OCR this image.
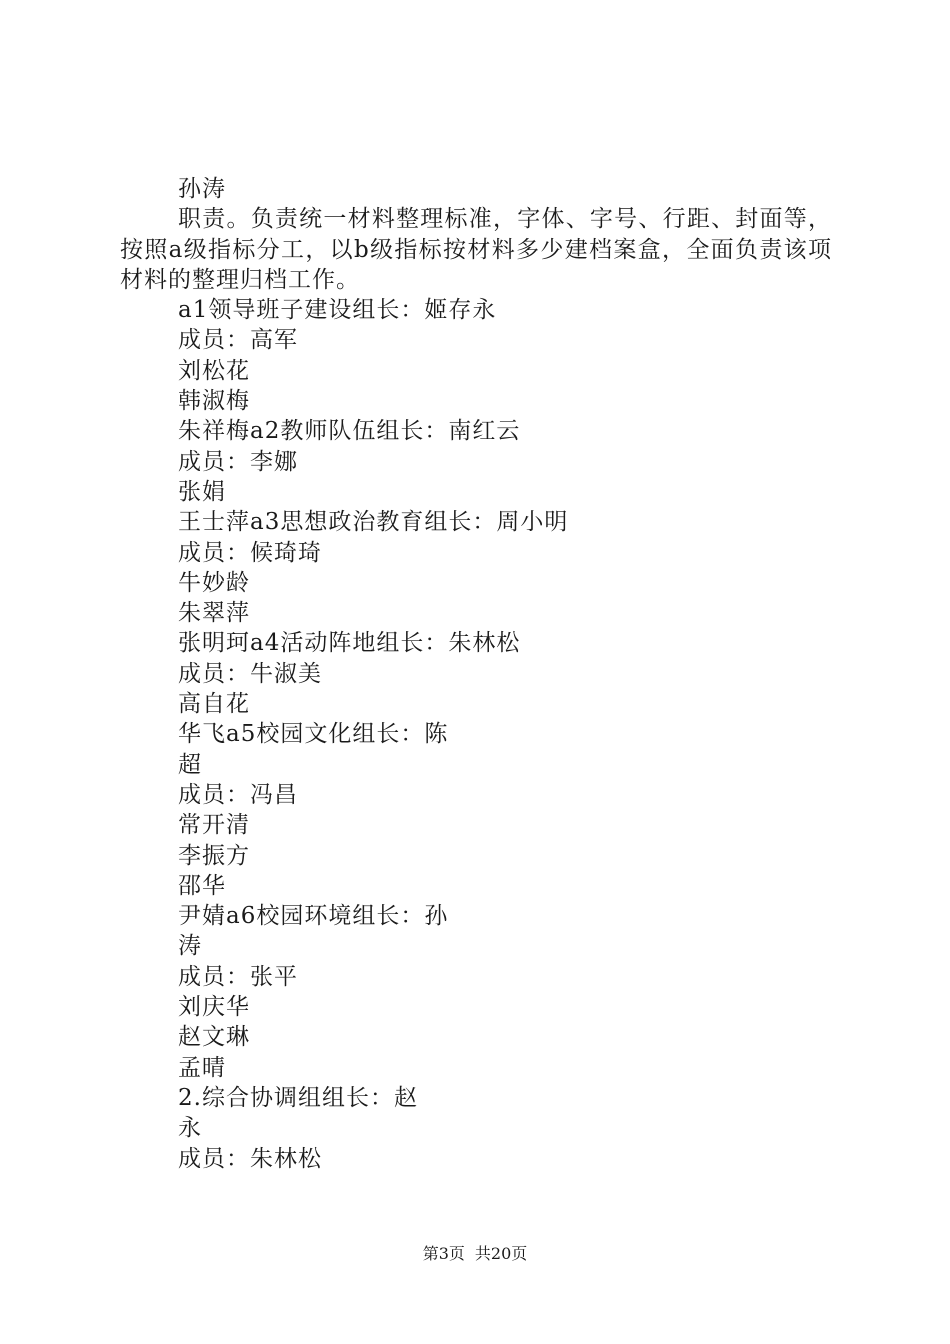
孙涛
职责。负责统一材料整理标准，字体、字号、行距、封面等，按照a级指标分工，以b级指标按材料多少建档案盒，全面负责该项材料的整理归档工作。
a1领导班子建设组长：姬存永
成员：高军
刘松花
韩淑梅
朱祥梅a2教师队伍组长：南红云
成员：李娜
张娟
王士萍a3思想政治教育组长：周小明
成员：候琦琦
牛妙龄
朱翠萍
张明珂a4活动阵地组长：朱林松
成员：牛淑美
高自花
华飞a5校园文化组长：陈
超
成员：冯昌
常开清
李振方
邵华
尹婧a6校园环境组长：孙
涛
成员：张平
刘庆华
赵文琳
孟晴
2.综合协调组组长：赵
永
成员：朱林松
第3页 共20页
